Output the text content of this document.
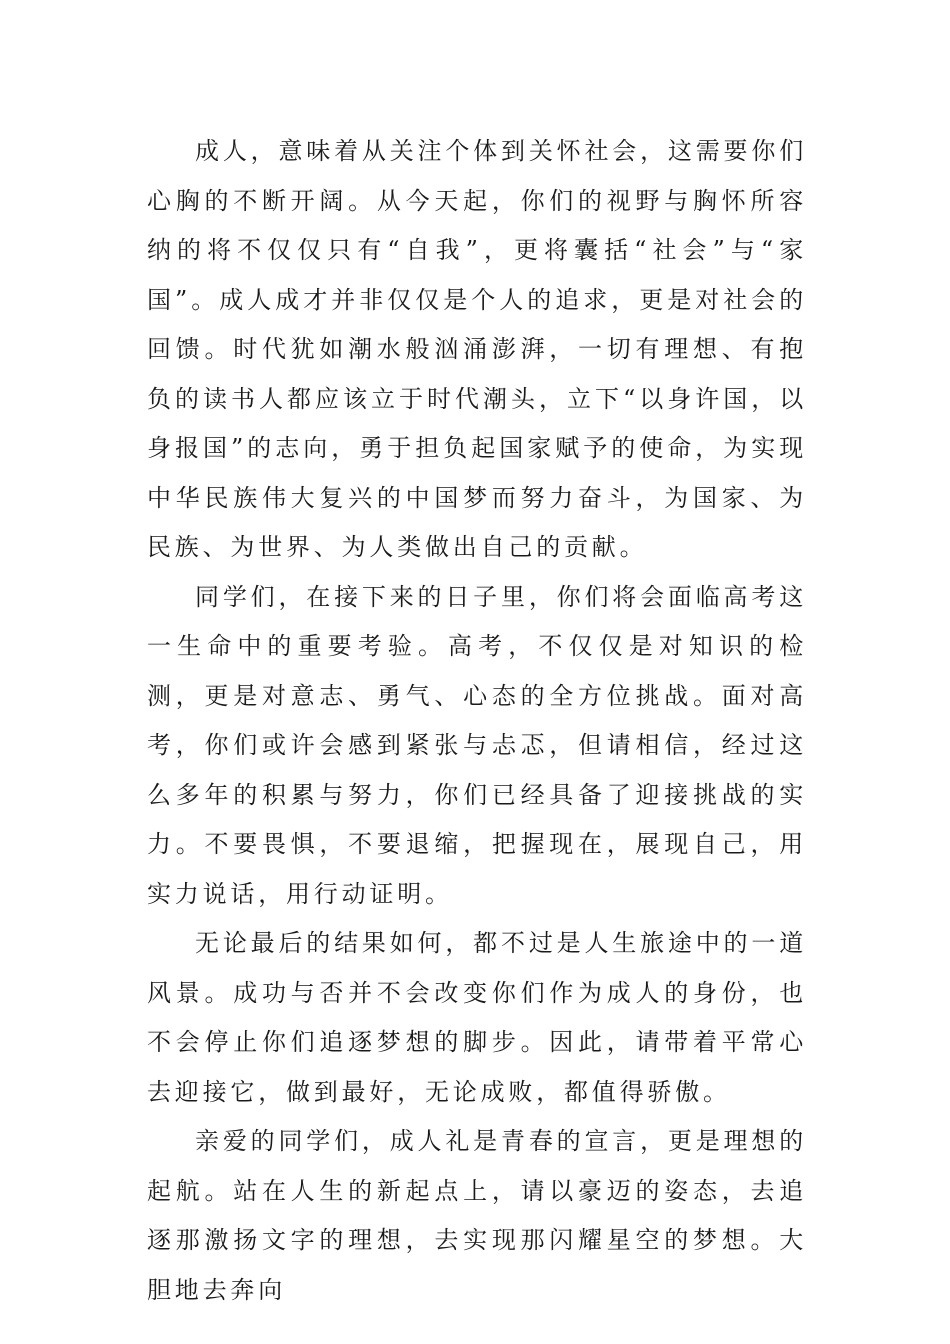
成人，意味着从关注个体到关怀社会，这需要你们心胸的不断开阔。从今天起，你们的视野与胸怀所容纳的将不仅仅只有“自我”，更将囊括“社会”与“家国”。成人成才并非仅仅是个人的追求，更是对社会的回馈。时代犹如潮水般汹涌澎湃，一切有理想、有抱负的读书人都应该立于时代潮头，立下“以身许国，以身报国”的志向，勇于担负起国家赋予的使命，为实现中华民族伟大复兴的中国梦而努力奋斗，为国家、为民族、为世界、为人类做出自己的贡献。

同学们，在接下来的日子里，你们将会面临高考这一生命中的重要考验。高考，不仅仅是对知识的检测，更是对意志、勇气、心态的全方位挑战。面对高考，你们或许会感到紧张与忐忑，但请相信，经过这么多年的积累与努力，你们已经具备了迎接挑战的实力。不要畏惧，不要退缩，把握现在，展现自己，用实力说话，用行动证明。

无论最后的结果如何，都不过是人生旅途中的一道风景。成功与否并不会改变你们作为成人的身份，也不会停止你们追逐梦想的脚步。因此，请带着平常心去迎接它，做到最好，无论成败，都值得骄傲。

亲爱的同学们，成人礼是青春的宣言，更是理想的起航。站在人生的新起点上，请以豪迈的姿态，去追逐那激扬文字的理想，去实现那闪耀星空的梦想。大胆地去奔向
